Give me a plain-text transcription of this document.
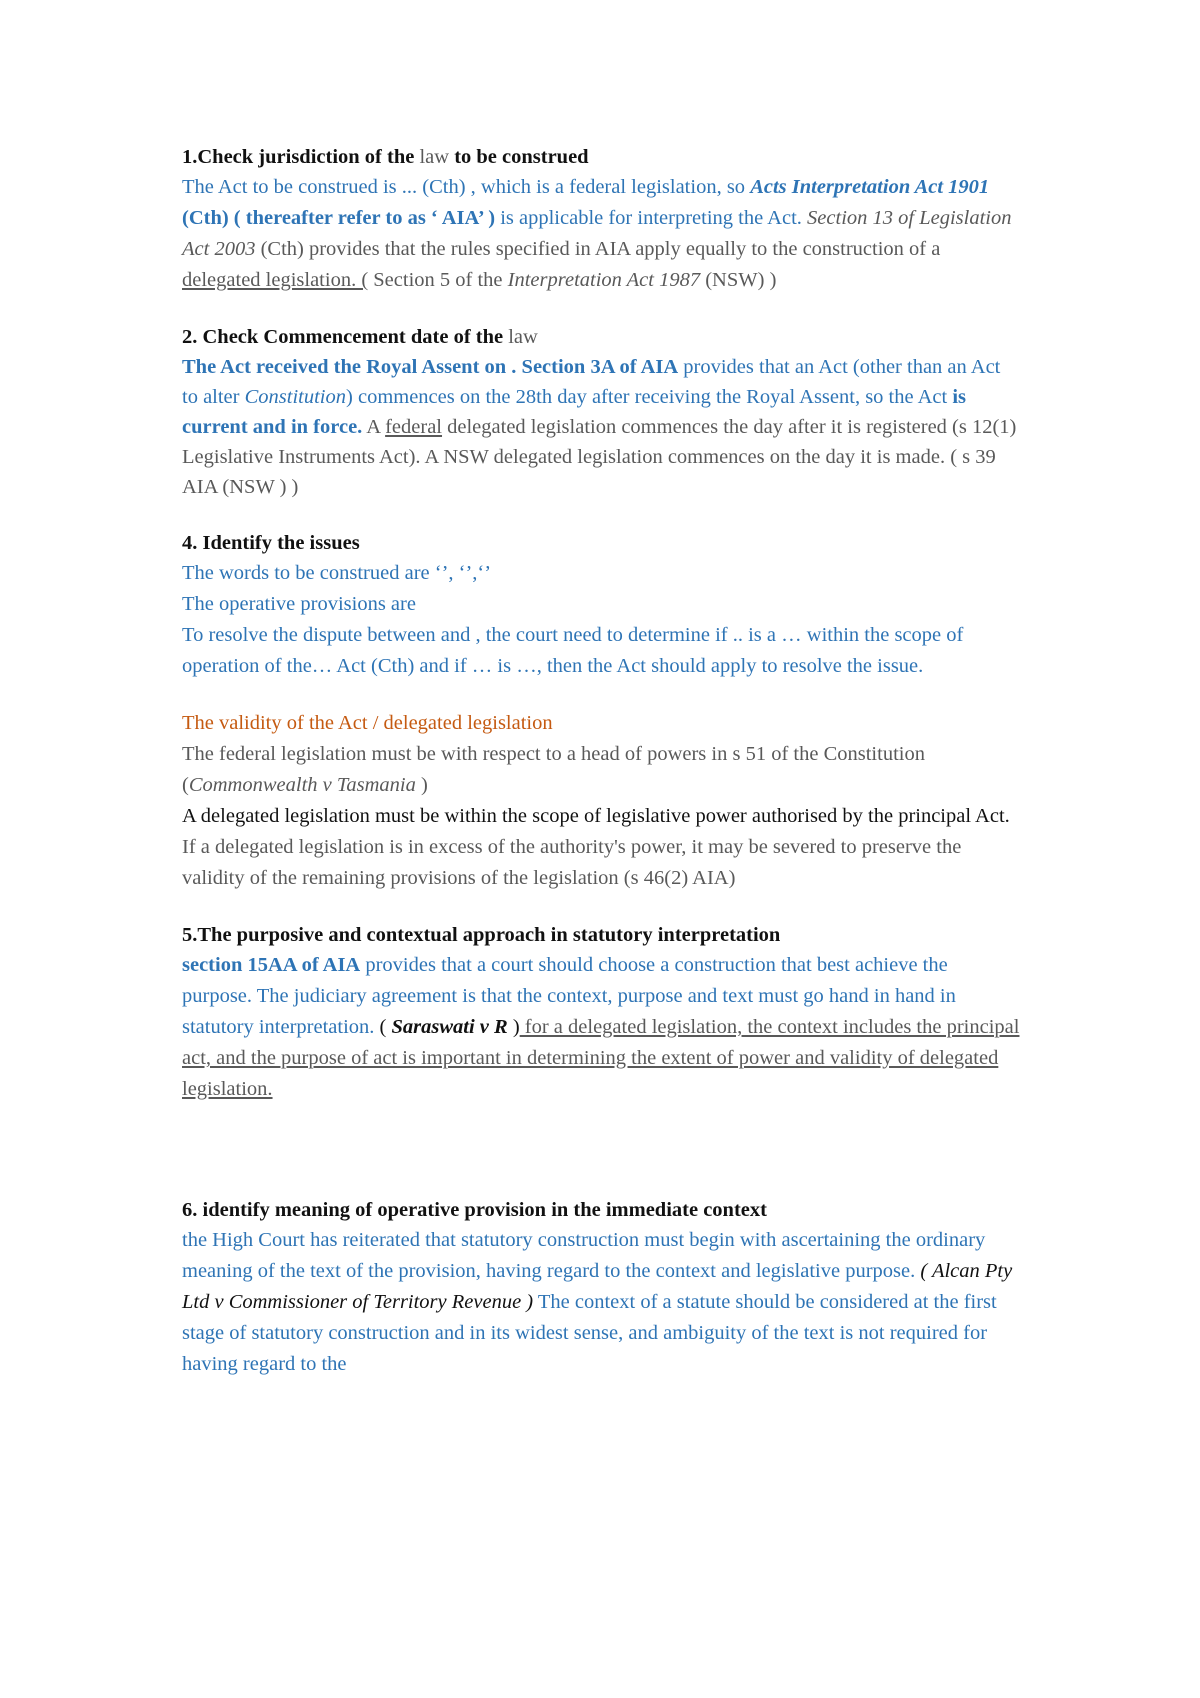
1.Check jurisdiction of the law to be construed

The Act to be construed is ... (Cth) , which is a federal legislation, so Acts Interpretation Act 1901 (Cth) ( thereafter refer to as ‘ AIA’ ) is applicable for interpreting the Act. Section 13 of Legislation Act 2003 (Cth) provides that the rules specified in AIA apply equally to the construction of a delegated legislation. ( Section 5 of the Interpretation Act 1987 (NSW) )

2. Check Commencement date of the law

The Act received the Royal Assent on . Section 3A of AIA provides that an Act (other than an Act to alter Constitution) commences on the 28th day after receiving the Royal Assent, so the Act is current and in force. A federal delegated legislation commences the day after it is registered (s 12(1) Legislative Instruments Act). A NSW delegated legislation commences on the day it is made. ( s 39 AIA (NSW ) )

4. Identify the issues

The words to be construed are ‘’, ‘’,‘’

The operative provisions are

To resolve the dispute between and , the court need to determine if .. is a … within the scope of operation of the… Act (Cth) and if … is …, then the Act should apply to resolve the issue.

The validity of the Act / delegated legislation

The federal legislation must be with respect to a head of powers in s 51 of the Constitution (Commonwealth v Tasmania )

A delegated legislation must be within the scope of legislative power authorised by the principal Act. If a delegated legislation is in excess of the authority's power, it may be severed to preserve the validity of the remaining provisions of the legislation (s 46(2) AIA)

5.The purposive and contextual approach in statutory interpretation

section 15AA of AIA provides that a court should choose a construction that best achieve the purpose. The judiciary agreement is that the context, purpose and text must go hand in hand in statutory interpretation. ( Saraswati v R ) for a delegated legislation, the context includes the principal act, and the purpose of act is important in determining the extent of power and validity of delegated legislation.

6. identify meaning of operative provision in the immediate context

the High Court has reiterated that statutory construction must begin with ascertaining the ordinary meaning of the text of the provision, having regard to the context and legislative purpose. ( Alcan Pty Ltd v Commissioner of Territory Revenue ) The context of a statute should be considered at the first stage of statutory construction and in its widest sense, and ambiguity of the text is not required for having regard to the
